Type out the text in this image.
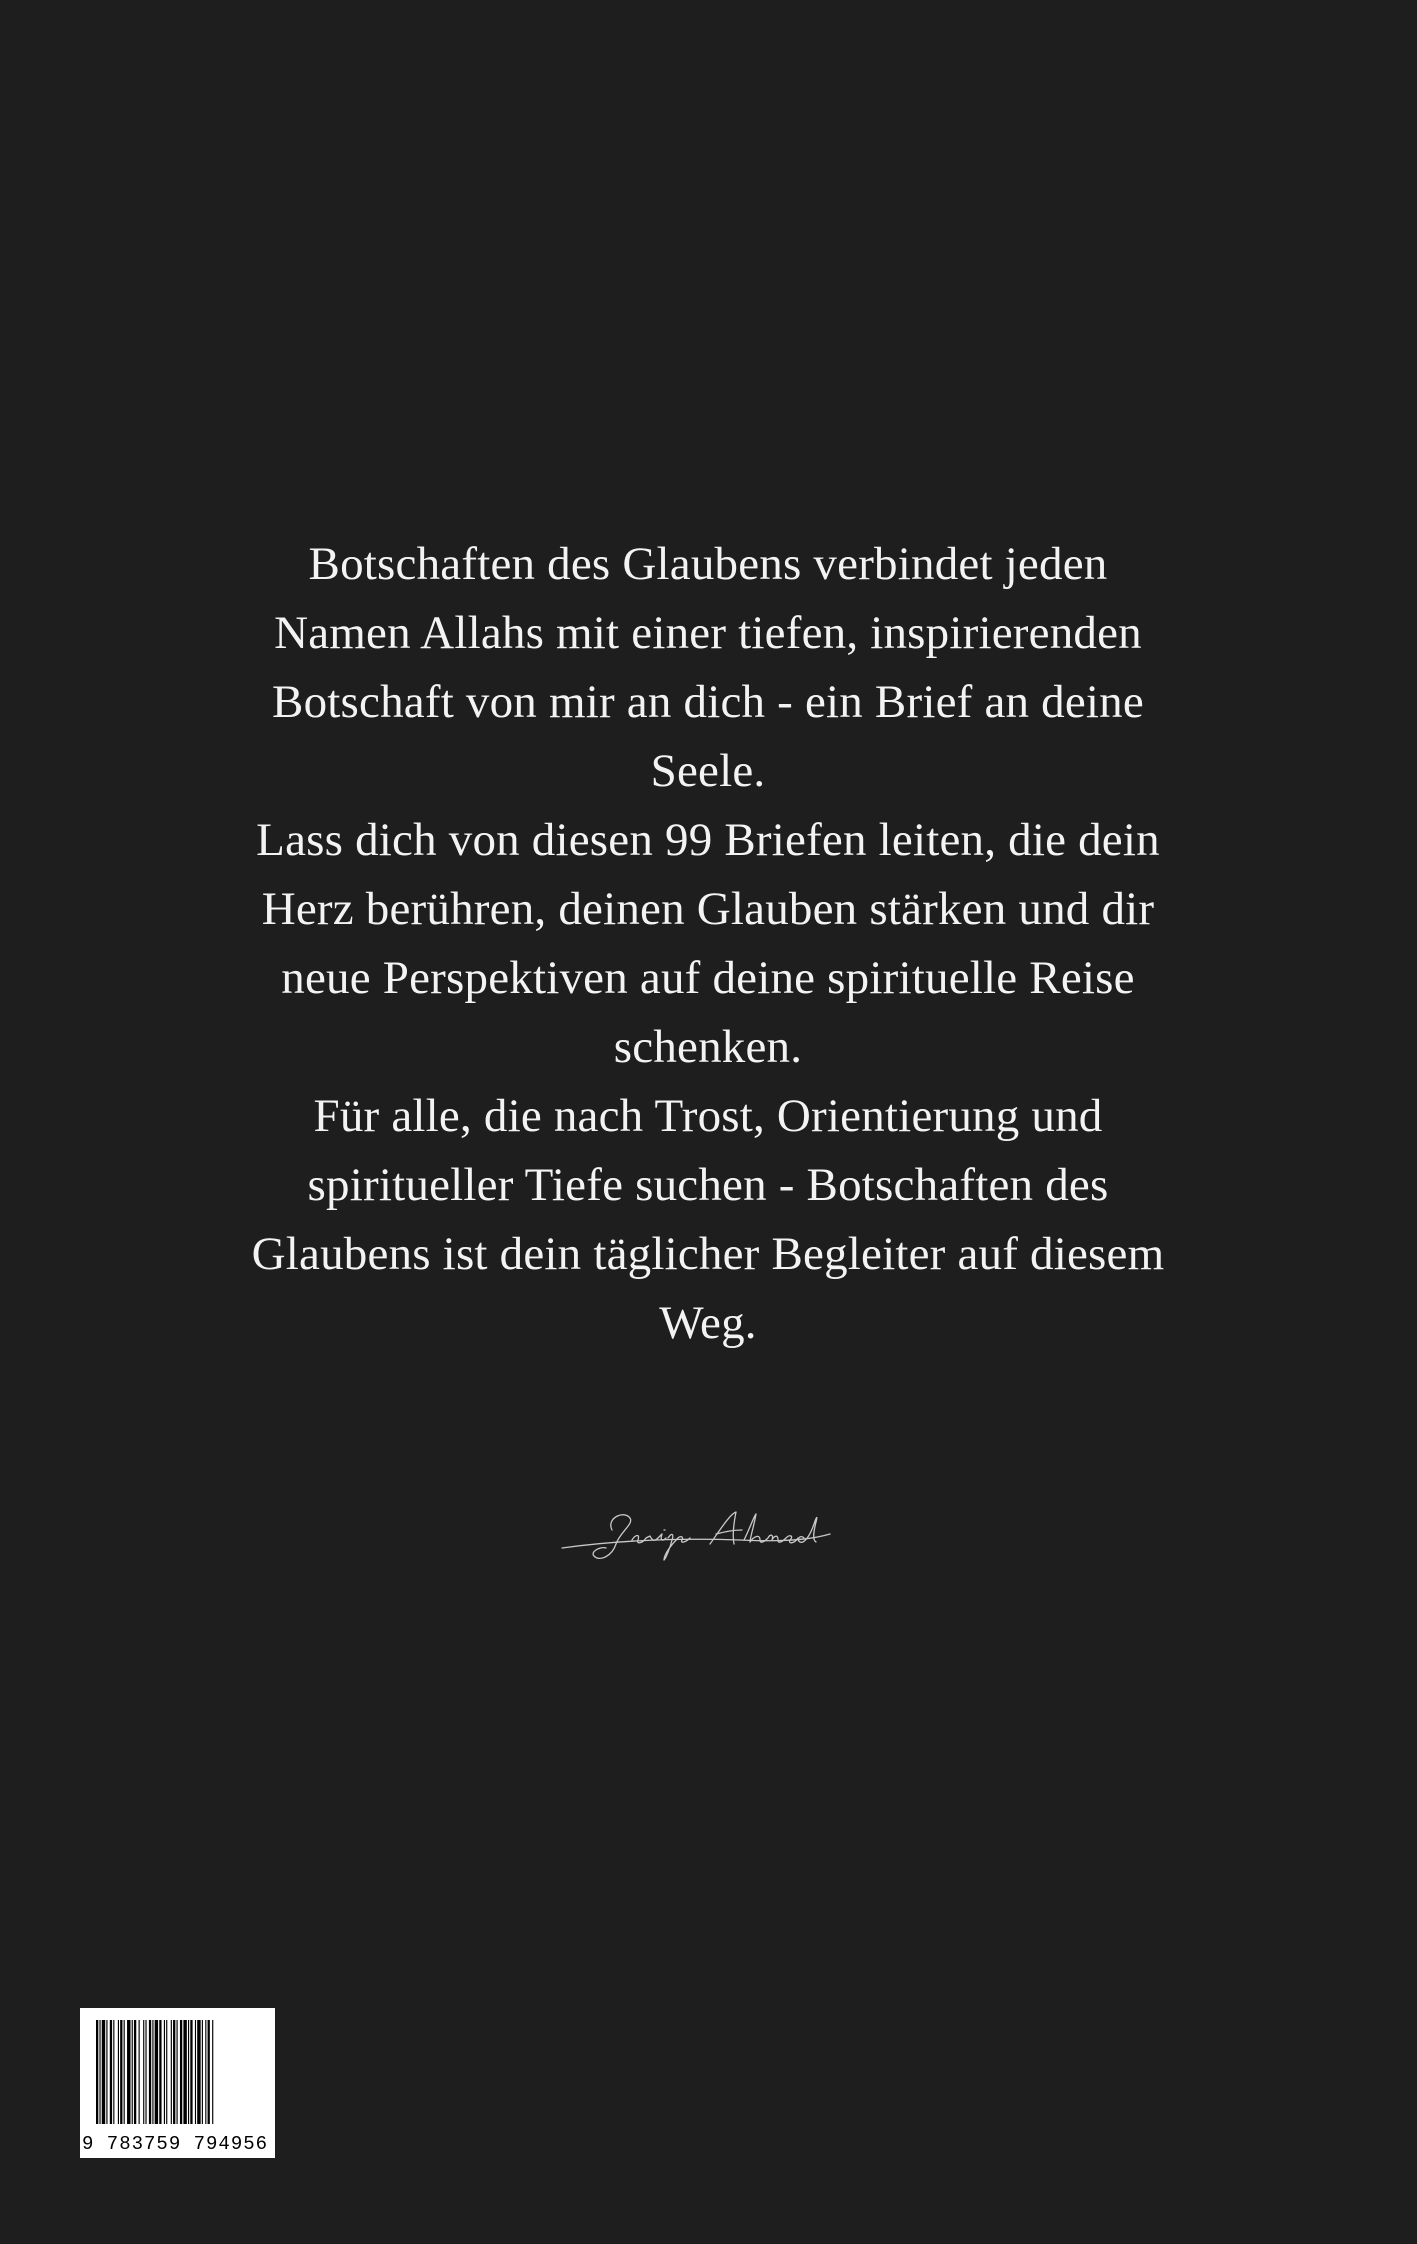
Botschaften des Glaubens verbindet jeden
Namen Allahs mit einer tiefen, inspirierenden
Botschaft von mir an dich - ein Brief an deine
Seele.
Lass dich von diesen 99 Briefen leiten, die dein
Herz berühren, deinen Glauben stärken und dir
neue Perspektiven auf deine spirituelle Reise
schenken.
Für alle, die nach Trost, Orientierung und
spiritueller Tiefe suchen - Botschaften des
Glaubens ist dein täglicher Begleiter auf diesem
Weg.
9 783759 794956
